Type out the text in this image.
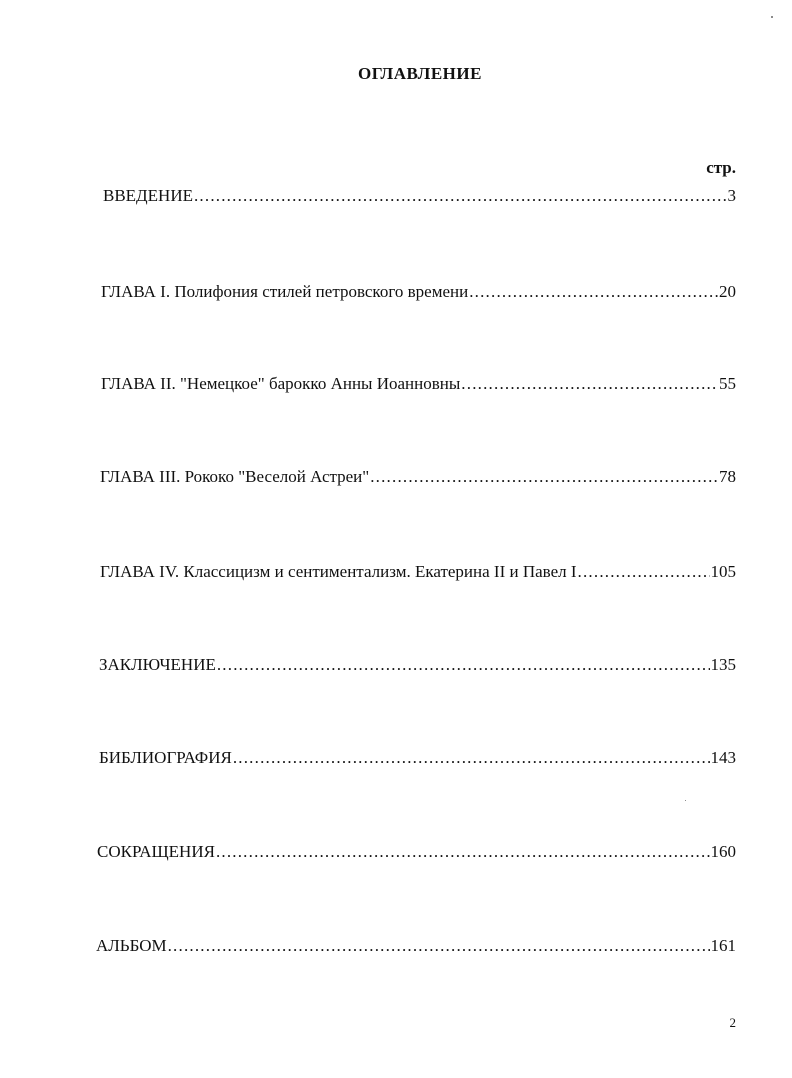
ОГЛАВЛЕНИЕ
стр.
ВВЕДЕНИЕ .....	3
ГЛАВА I. Полифония стилей петровского времени .....	20
ГЛАВА II. "Немецкое" барокко Анны Иоанновны .....	55
ГЛАВА III. Рококо "Веселой Астреи" .....	78
ГЛАВА IV. Классицизм и сентиментализм. Екатерина II и Павел I .....	105
ЗАКЛЮЧЕНИЕ .....	135
БИБЛИОГРАФИЯ .....	143
СОКРАЩЕНИЯ .....	160
АЛЬБОМ .....	161
2
